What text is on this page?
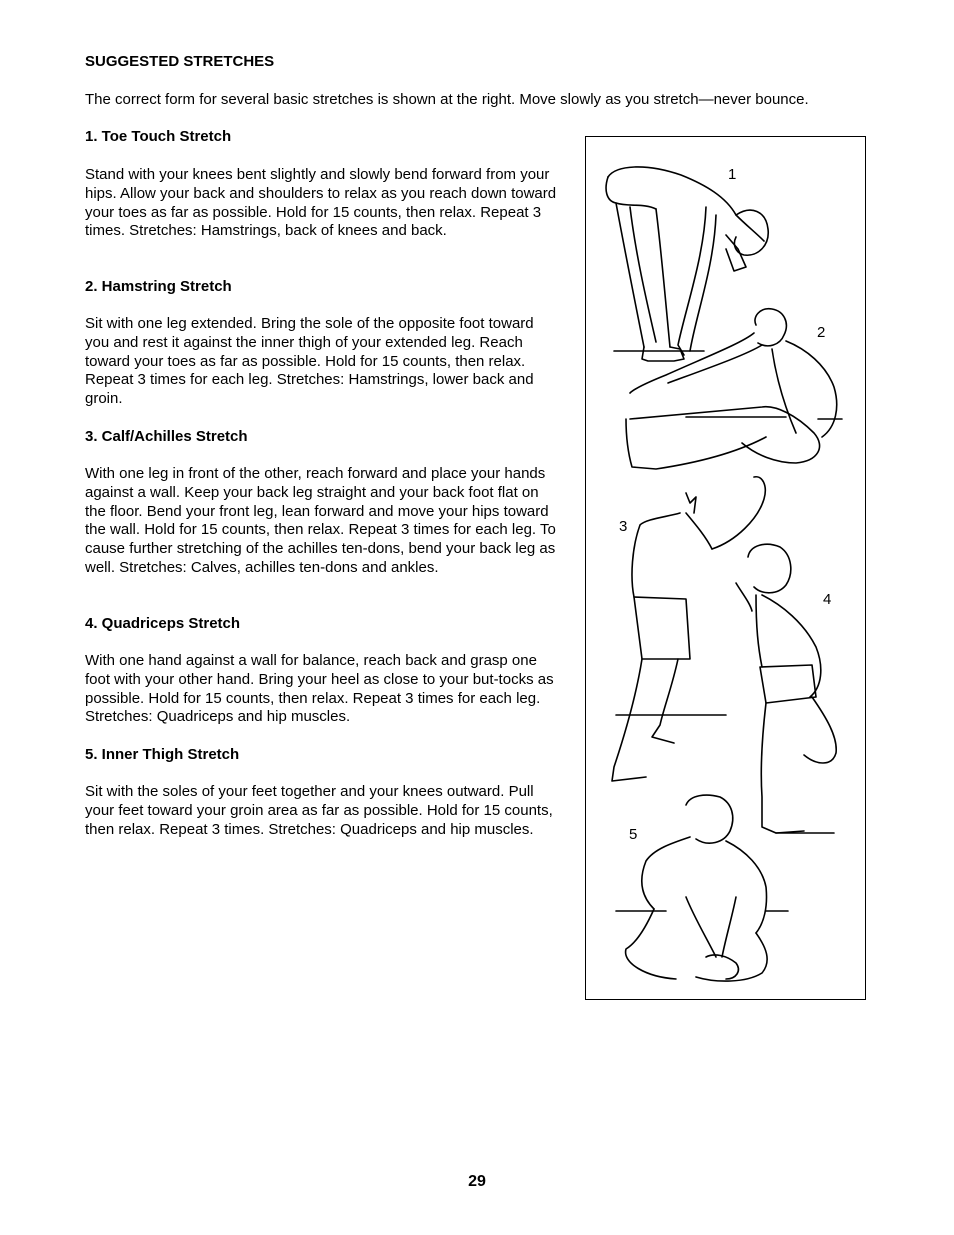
SUGGESTED STRETCHES

The correct form for several basic stretches is shown at the right. Move slowly as you stretch—never bounce.

1. Toe Touch Stretch

Stand with your knees bent slightly and slowly bend forward from your hips. Allow your back and shoulders to relax as you reach down toward your toes as far as possible. Hold for 15 counts, then relax. Repeat 3 times. Stretches: Hamstrings, back of knees and back.

2. Hamstring Stretch

Sit with one leg extended. Bring the sole of the opposite foot toward you and rest it against the inner thigh of your extended leg. Reach toward your toes as far as possible. Hold for 15 counts, then relax. Repeat 3 times for each leg. Stretches: Hamstrings, lower back and groin.

3. Calf/Achilles Stretch

With one leg in front of the other, reach forward and place your hands against a wall. Keep your back leg straight and your back foot flat on the floor. Bend your front leg, lean forward and move your hips toward the wall. Hold for 15 counts, then relax. Repeat 3 times for each leg. To cause further stretching of the achilles ten-dons, bend your back leg as well. Stretches: Calves, achilles ten-dons and ankles.

4. Quadriceps Stretch

With one hand against a wall for balance, reach back and grasp one foot with your other hand. Bring your heel as close to your but-tocks as possible. Hold for 15 counts, then relax. Repeat 3 times for each leg. Stretches: Quadriceps and hip muscles.

5. Inner Thigh Stretch

Sit with the soles of your feet together and your knees outward. Pull your feet toward your groin area as far as possible. Hold for 15 counts, then relax. Repeat 3 times. Stretches: Quadriceps and hip muscles.

1
2
3
4
5
29
